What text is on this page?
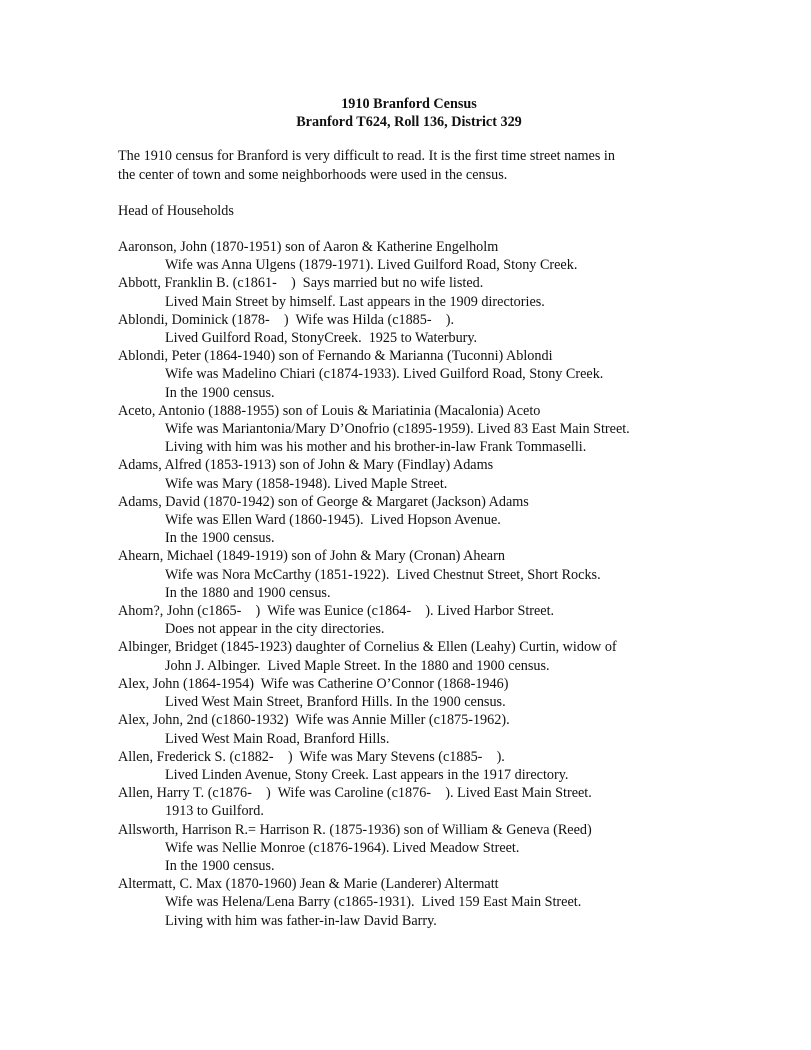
1910 Branford Census
Branford T624, Roll 136, District 329
The 1910 census for Branford is very difficult to read. It is the first time street names in
the center of town and some neighborhoods were used in the census.
Head of Households
Aaronson, John (1870-1951) son of Aaron & Katherine Engelholm
Wife was Anna Ulgens (1879-1971). Lived Guilford Road, Stony Creek.
Abbott, Franklin B. (c1861-    )  Says married but no wife listed.
Lived Main Street by himself. Last appears in the 1909 directories.
Ablondi, Dominick (1878-    )  Wife was Hilda (c1885-    ).
Lived Guilford Road, StonyCreek.  1925 to Waterbury.
Ablondi, Peter (1864-1940) son of Fernando & Marianna (Tuconni) Ablondi
Wife was Madelino Chiari (c1874-1933). Lived Guilford Road, Stony Creek.
In the 1900 census.
Aceto, Antonio (1888-1955) son of Louis & Mariatinia (Macalonia) Aceto
Wife was Mariantonia/Mary D’Onofrio (c1895-1959). Lived 83 East Main Street.
Living with him was his mother and his brother-in-law Frank Tommaselli.
Adams, Alfred (1853-1913) son of John & Mary (Findlay) Adams
Wife was Mary (1858-1948). Lived Maple Street.
Adams, David (1870-1942) son of George & Margaret (Jackson) Adams
Wife was Ellen Ward (1860-1945).  Lived Hopson Avenue.
In the 1900 census.
Ahearn, Michael (1849-1919) son of John & Mary (Cronan) Ahearn
Wife was Nora McCarthy (1851-1922).  Lived Chestnut Street, Short Rocks.
In the 1880 and 1900 census.
Ahom?, John (c1865-    )  Wife was Eunice (c1864-    ). Lived Harbor Street.
Does not appear in the city directories.
Albinger, Bridget (1845-1923) daughter of Cornelius & Ellen (Leahy) Curtin, widow of
John J. Albinger.  Lived Maple Street. In the 1880 and 1900 census.
Alex, John (1864-1954)  Wife was Catherine O’Connor (1868-1946)
Lived West Main Street, Branford Hills. In the 1900 census.
Alex, John, 2nd (c1860-1932)  Wife was Annie Miller (c1875-1962).
Lived West Main Road, Branford Hills.
Allen, Frederick S. (c1882-    )  Wife was Mary Stevens (c1885-    ).
Lived Linden Avenue, Stony Creek. Last appears in the 1917 directory.
Allen, Harry T. (c1876-    )  Wife was Caroline (c1876-    ). Lived East Main Street.
1913 to Guilford.
Allsworth, Harrison R.= Harrison R. (1875-1936) son of William & Geneva (Reed)
Wife was Nellie Monroe (c1876-1964). Lived Meadow Street.
In the 1900 census.
Altermatt, C. Max (1870-1960) Jean & Marie (Landerer) Altermatt
Wife was Helena/Lena Barry (c1865-1931).  Lived 159 East Main Street.
Living with him was father-in-law David Barry.
